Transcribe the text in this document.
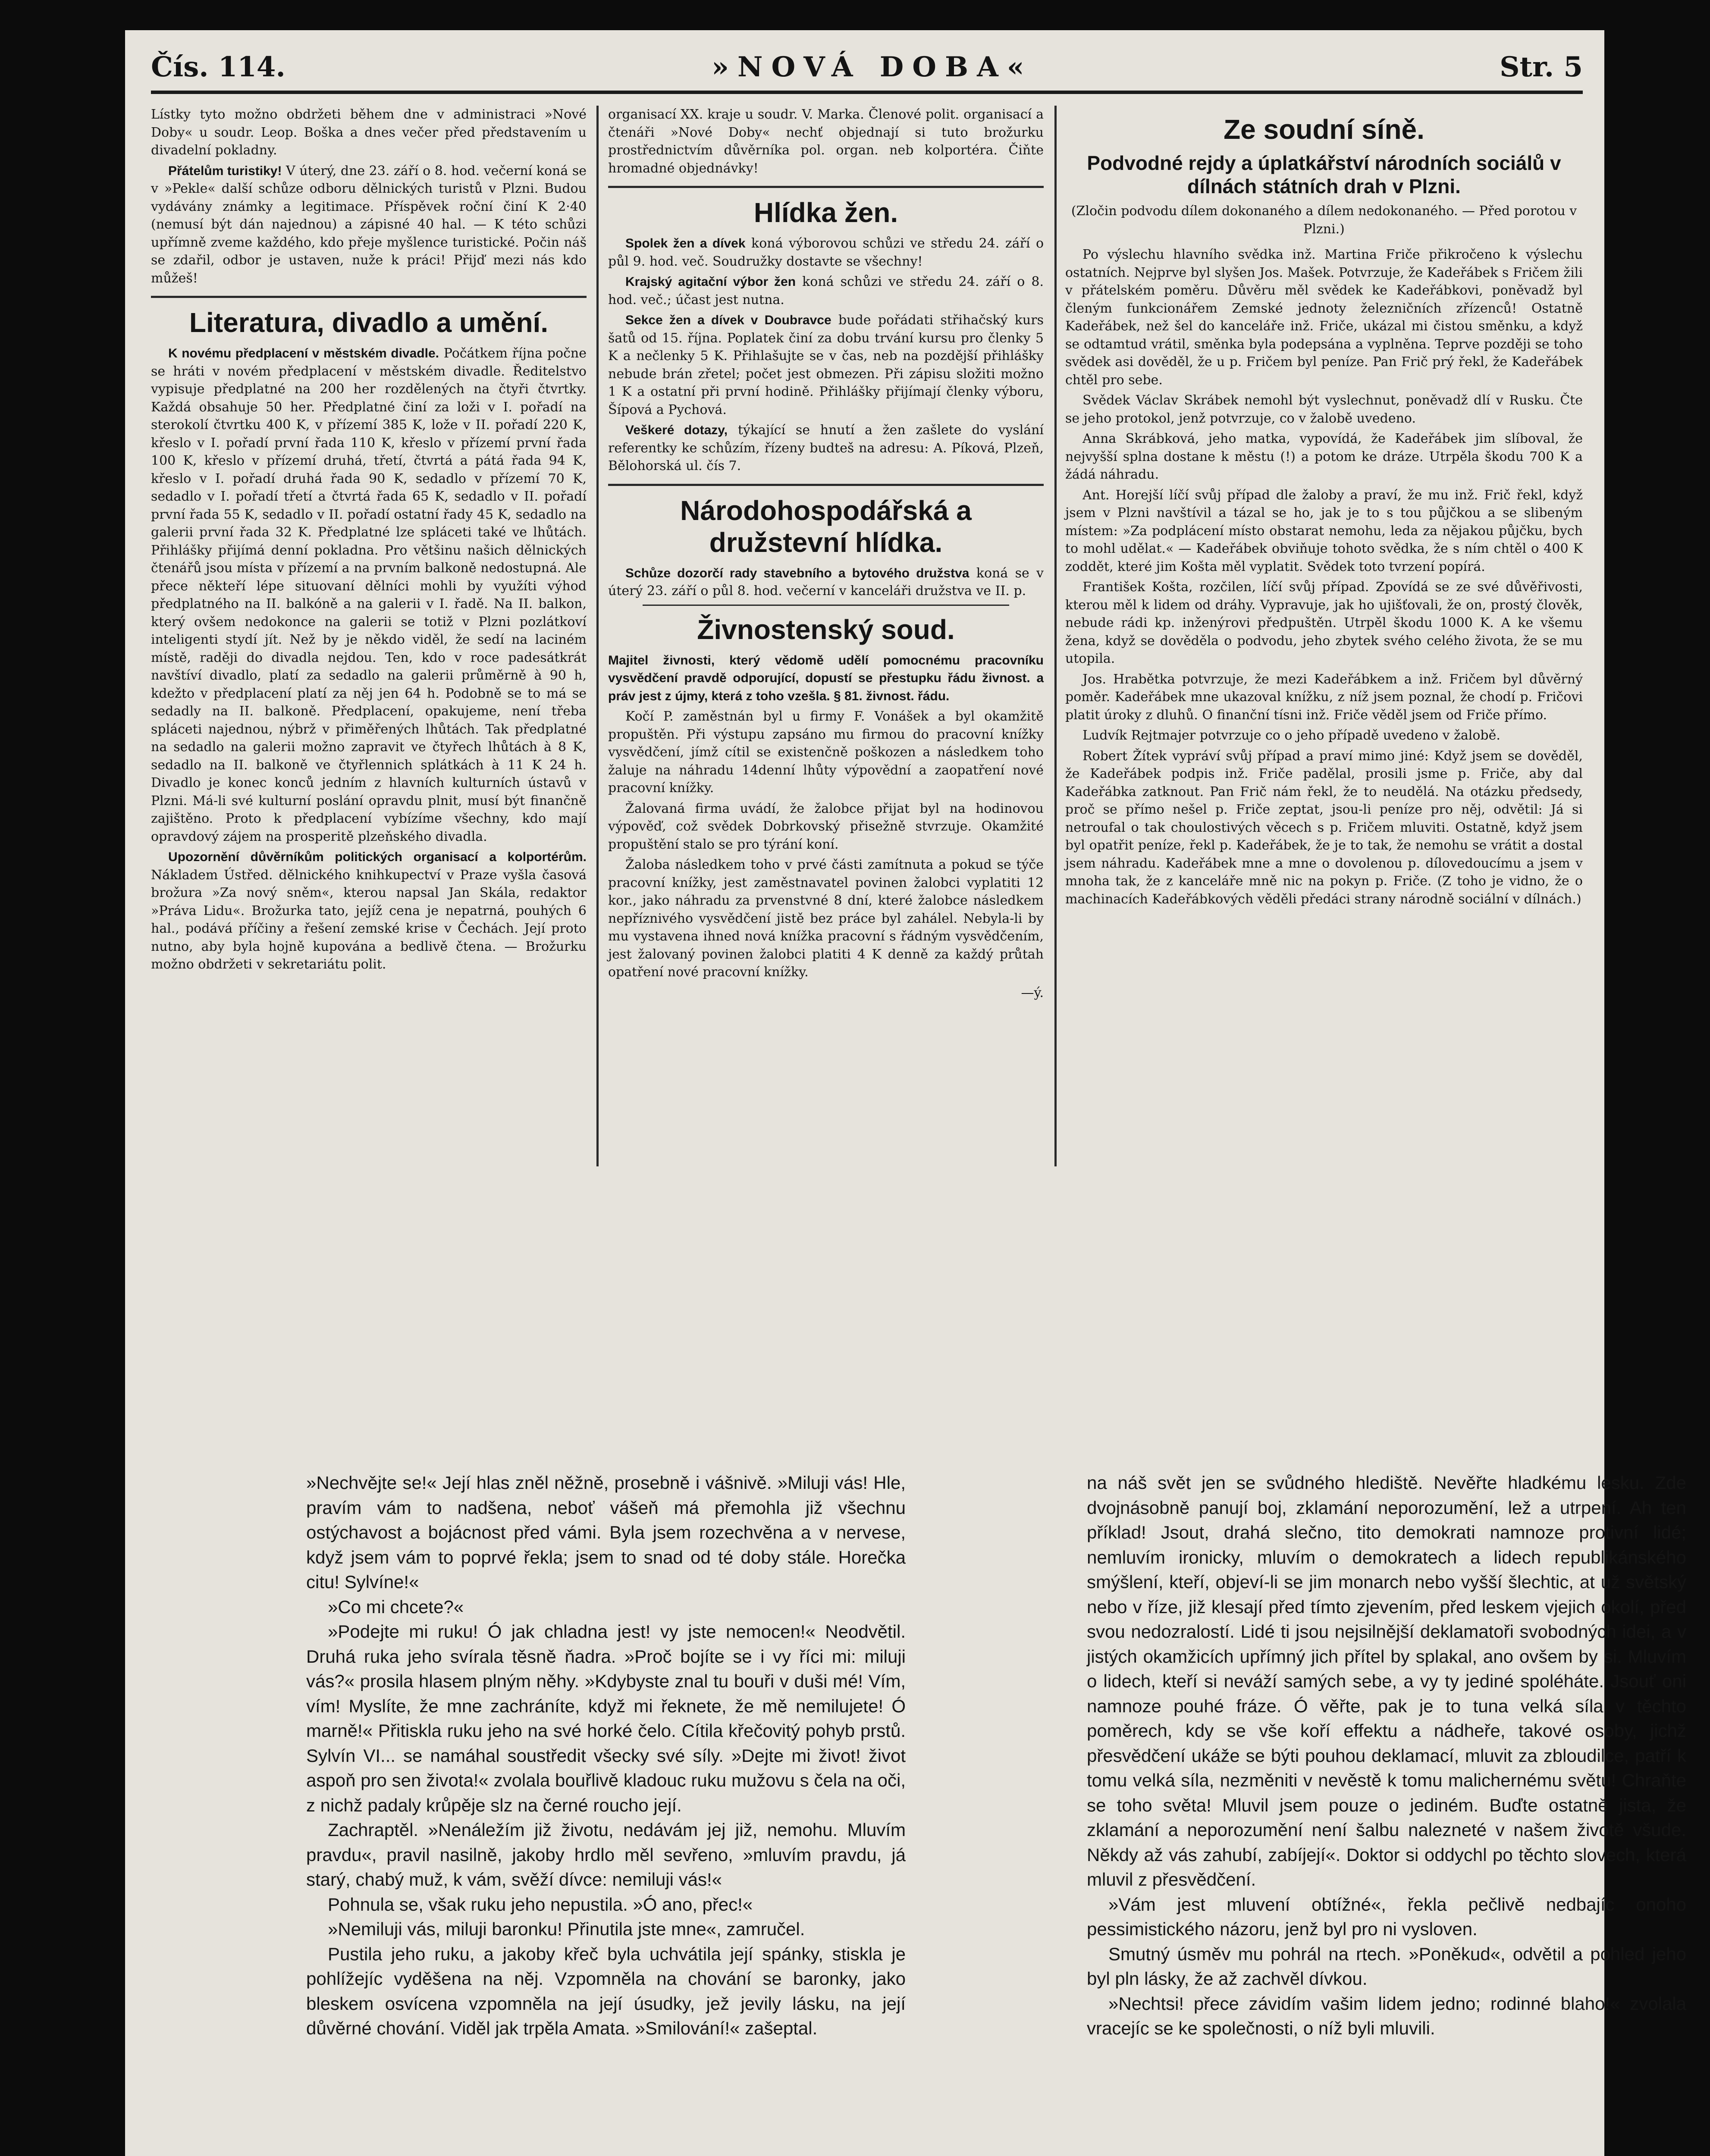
Čís. 114.	»NOVÁ DOBA«	Str. 5

Lístky tyto možno obdržeti během dne v administraci »Nové Doby« u soudr. Leop. Boška a dnes večer před představením u divadelní pokladny.

Přátelům turistiky! V úterý, dne 23. září o 8. hod. večerní koná se v »Pekle« další schůze odboru dělnických turistů v Plzni. Budou vydávány známky a legitimace. Příspěvek roční činí K 2·40 (nemusí být dán najednou) a zápisné 40 hal. — K této schůzi upřímně zveme každého, kdo přeje myšlence turistické. Počin náš se zdařil, odbor je ustaven, nuže k práci! Přijď mezi nás kdo můžeš!

Literatura, divadlo a umění.

K novému předplacení v městském divadle. Počátkem října počne se hráti v novém předplacení v městském divadle. Ředitelstvo vypisuje předplatné na 200 her rozdělených na čtyři čtvrtky. Každá obsahuje 50 her. Předplatné činí za loži v I. pořadí na sterokolí čtvrtku 400 K, v přízemí 385 K, lože v II. pořadí 220 K, křeslo v I. pořadí první řada 110 K, křeslo v přízemí první řada 100 K, křeslo v přízemí druhá, třetí, čtvrtá a pátá řada 94 K, křeslo v I. pořadí druhá řada 90 K, sedadlo v přízemí 70 K, sedadlo v I. pořadí třetí a čtvrtá řada 65 K, sedadlo v II. pořadí první řada 55 K, sedadlo v II. pořadí ostatní řady 45 K, sedadlo na galerii první řada 32 K. Předplatné lze spláceti také ve lhůtách. Přihlášky přijímá denní pokladna. Pro většinu našich dělnických čtenářů jsou místa v přízemí a na prvním balkoně nedostupná. Ale přece někteří lépe situovaní dělníci mohli by využíti výhod předplatného na II. balkóně a na galerii v I. řadě. Na II. balkon, který ovšem nedokonce na galerii se totiž v Plzni pozlátkoví inteligenti stydí jít. Než by je někdo viděl, že sedí na laciném místě, raději do divadla nejdou. Ten, kdo v roce padesátkrát navštíví divadlo, platí za sedadlo na galerii průměrně à 90 h, kdežto v předplacení platí za něj jen 64 h. Podobně se to má se sedadly na II. balkoně. Předplacení, opakujeme, není třeba spláceti najednou, nýbrž v přiměřených lhůtách. Tak předplatné na sedadlo na galerii možno zapravit ve čtyřech lhůtách à 8 K, sedadlo na II. balkoně ve čtyřlennich splátkách à 11 K 24 h. Divadlo je konec konců jedním z hlavních kulturních ústavů v Plzni. Má-li své kulturní poslání opravdu plnit, musí být finančně zajištěno. Proto k předplacení vybízíme všechny, kdo mají opravdový zájem na prosperitě plzeňského divadla.

Upozornění důvěrníkům politických organisací a kolportérům. Nákladem Ústřed. dělnického knihkupectví v Praze vyšla časová brožura »Za nový sněm«, kterou napsal Jan Skála, redaktor »Práva Lidu«. Brožurka tato, jejíž cena je nepatrná, pouhých 6 hal., podává příčiny a řešení zemské krise v Čechách. Její proto nutno, aby byla hojně kupována a bedlivě čtena. — Brožurku možno obdržeti v sekretariátu polit.

organisací XX. kraje u soudr. V. Marka. Členové polit. organisací a čtenáři »Nové Doby« nechť objednají si tuto brožurku prostřednictvím důvěrníka pol. organ. neb kolportéra. Čiňte hromadné objednávky!

Hlídka žen.

Spolek žen a dívek koná výborovou schůzi ve středu 24. září o půl 9. hod. več. Soudružky dostavte se všechny!

Krajský agitační výbor žen koná schůzi ve středu 24. září o 8. hod. več.; účast jest nutna.

Sekce žen a dívek v Doubravce bude pořádati střihačský kurs šatů od 15. října. Poplatek činí za dobu trvání kursu pro členky 5 K a nečlenky 5 K. Přihlašujte se v čas, neb na pozdější přihlášky nebude brán zřetel; počet jest obmezen. Při zápisu složiti možno 1 K a ostatní při první hodině. Přihlášky přijímají členky výboru, Šípová a Pychová.

Veškeré dotazy, týkající se hnutí a žen zašlete do vyslání referentky ke schůzím, řízeny budteš na adresu: A. Píková, Plzeň, Bělohorská ul. čís 7.

Národohospodářská a družstevní hlídka.

Schůze dozorčí rady stavebního a bytového družstva koná se v úterý 23. září o půl 8. hod. večerní v kanceláři družstva ve II. p.

Živnostenský soud.

Majitel živnosti, který vědomě udělí pomocnému pracovníku vysvědčení pravdě odporující, dopustí se přestupku řádu živnost. a práv jest z újmy, která z toho vzešla. § 81. živnost. řádu.

Kočí P. zaměstnán byl u firmy F. Vonášek a byl okamžitě propuštěn. Při výstupu zapsáno mu firmou do pracovní knížky vysvědčení, jímž cítil se existenčně poškozen a následkem toho žaluje na náhradu 14denní lhůty výpovědní a zaopatření nové pracovní knížky.

Žalovaná firma uvádí, že žalobce přijat byl na hodinovou výpověď, což svědek Dobrkovský přisežně stvrzuje. Okamžité propuštění stalo se pro týrání koní.

Žaloba následkem toho v prvé části zamítnuta a pokud se týče pracovní knížky, jest zaměstnavatel povinen žalobci vyplatiti 12 kor., jako náhradu za prvenstvné 8 dní, které žalobce následkem nepříznivého vysvědčení jistě bez práce byl zahálel. Nebyla-li by mu vystavena ihned nová knížka pracovní s řádným vysvědčením, jest žalovaný povinen žalobci platiti 4 K denně za každý průtah opatření nové pracovní knížky.

—ý.

Ze soudní síně.
Podvodné rejdy a úplatkářství národních sociálů v dílnách státních drah v Plzni.

(Zločin podvodu dílem dokonaného a dílem nedokonaného. — Před porotou v Plzni.)

Po výslechu hlavního svědka inž. Martina Friče přikročeno k výslechu ostatních. Nejprve byl slyšen Jos. Mašek. Potvrzuje, že Kadeřábek s Fričem žili v přátelském poměru. Důvěru měl svědek ke Kadeřábkovi, poněvadž byl členým funkcionářem Zemské jednoty železničních zřízenců! Ostatně Kadeřábek, než šel do kanceláře inž. Friče, ukázal mi čistou směnku, a když se odtamtud vrátil, směnka byla podepsána a vyplněna. Teprve později se toho svědek asi dověděl, že u p. Fričem byl peníze. Pan Frič prý řekl, že Kadeřábek chtěl pro sebe.

Svědek Václav Skrábek nemohl být vyslechnut, poněvadž dlí v Rusku. Čte se jeho protokol, jenž potvrzuje, co v žalobě uvedeno.

Anna Skrábková, jeho matka, vypovídá, že Kadeřábek jim slíboval, že nejvyšší splna dostane k městu (!) a potom ke dráze. Utrpěla škodu 700 K a žádá náhradu.

Ant. Horejší líčí svůj případ dle žaloby a praví, že mu inž. Frič řekl, když jsem v Plzni navštívil a tázal se ho, jak je to s tou půjčkou a se slibeným místem: »Za podplácení místo obstarat nemohu, leda za nějakou půjčku, bych to mohl udělat.« — Kadeřábek obviňuje tohoto svědka, že s ním chtěl o 400 K zoddět, které jim Košta měl vyplatit. Svědek toto tvrzení popírá.

František Košta, rozčilen, líčí svůj případ. Zpovídá se ze své důvěřivosti, kterou měl k lidem od dráhy. Vypravuje, jak ho ujišťovali, že on, prostý člověk, nebude rádi kp. inženýrovi předpuštěn. Utrpěl škodu 1000 K. A ke všemu žena, když se dověděla o podvodu, jeho zbytek svého celého života, že se mu utopila.

Jos. Hrabětka potvrzuje, že mezi Kadeřábkem a inž. Fričem byl důvěrný poměr. Kadeřábek mne ukazoval knížku, z níž jsem poznal, že chodí p. Fričovi platit úroky z dluhů. O finanční tísni inž. Friče věděl jsem od Friče přímo.

Ludvík Rejtmajer potvrzuje co o jeho případě uvedeno v žalobě.

Robert Žítek vypráví svůj případ a praví mimo jiné: Když jsem se dověděl, že Kadeřábek podpis inž. Friče padělal, prosili jsme p. Friče, aby dal Kadeřábka zatknout. Pan Frič nám řekl, že to neudělá. Na otázku předsedy, proč se přímo nešel p. Friče zeptat, jsou-li peníze pro něj, odvětil: Já si netroufal o tak choulostivých věcech s p. Fričem mluviti. Ostatně, když jsem byl opatřit peníze, řekl p. Kadeřábek, že je to tak, že nemohu se vrátit a dostal jsem náhradu. Kadeřábek mne a mne o dovolenou p. dílovedoucímu a jsem v mnoha tak, že z kanceláře mně nic na pokyn p. Friče. (Z toho je vidno, že o machinacích Kadeřábkových věděli předáci strany národně sociální v dílnách.)

»Nechvějte se!« Její hlas zněl něžně, prosebně i vášnivě. »Miluji vás! Hle, pravím vám to nadšena, neboť vášeň má přemohla již všechnu ostýchavost a bojácnost před vámi. Byla jsem rozechvěna a v nervese, když jsem vám to poprvé řekla; jsem to snad od té doby stále. Horečka citu! Sylvíne!«

»Co mi chcete?«

»Podejte mi ruku! Ó jak chladna jest! vy jste nemocen!« Neodvětil. Druhá ruka jeho svírala těsně ňadra. »Proč bojíte se i vy říci mi: miluji vás?« prosila hlasem plným něhy. »Kdybyste znal tu bouři v duši mé! Vím, vím! Myslíte, že mne zachráníte, když mi řeknete, že mě nemilujete! Ó marně!« Přitiskla ruku jeho na své horké čelo. Cítila křečovitý pohyb prstů. Sylvín VI... se namáhal soustředit všecky své síly. »Dejte mi život! život aspoň pro sen života!« zvolala bouřlivě kladouc ruku mužovu s čela na oči, z nichž padaly krůpěje slz na černé roucho její.

Zachraptěl. »Nenáležím již životu, nedávám jej již, nemohu. Mluvím pravdu«, pravil nasilně, jakoby hrdlo měl sevřeno, »mluvím pravdu, já starý, chabý muž, k vám, svěží dívce: nemiluji vás!«

Pohnula se, však ruku jeho nepustila. »Ó ano, přec!«

»Nemiluji vás, miluji baronku! Přinutila jste mne«, zamručel.

Pustila jeho ruku, a jakoby křeč byla uchvátila její spánky, stiskla je pohlížejíc vyděšena na něj. Vzpomněla na chování se baronky, jako bleskem osvícena vzpomněla na její úsudky, jež jevily lásku, na její důvěrné chování. Viděl jak trpěla Amata. »Smilování!« zašeptal.

na náš svět jen se svůdného hlediště. Nevěřte hladkému lesku. Zde dvojnásobně panují boj, zklamání neporozumění, lež a utrpení. Ah ten příklad! Jsout, drahá slečno, tito demokrati namnoze protivní lidé; nemluvím ironicky, mluvím o demokratech a lidech republikánského smýšlení, kteří, objeví-li se jim monarch nebo vyšší šlechtic, at už světský nebo v říze, již klesají před tímto zjevením, před leskem vjejich okolí, před svou nedozralostí. Lidé ti jsou nejsilnější deklamatoři svobodných idei, a v jistých okamžicích upřímný jich přítel by splakal, ano ovšem by si. Mluvím o lidech, kteří si neváží samých sebe, a vy ty jediné spoléháte. Jsouť oni namnoze pouhé fráze. Ó věřte, pak je to tuna velká síla v těchto poměrech, kdy se vše koří effektu a nádheře, takové osoby, jichž přesvědčení ukáže se býti pouhou deklamací, mluvit za zbloudilce, patří k tomu velká síla, nezměniti v nevěstě k tomu malichernému světu! Chraňte se toho světa! Mluvil jsem pouze o jediném. Buďte ostatně jista, že zklamání a neporozumění není šalbu nalezneté v našem životě všude. Někdy až vás zahubí, zabíjejí«. Doktor si oddychl po těchto slovech, která mluvil z přesvědčení.

»Vám jest mluvení obtížné«, řekla pečlivě nedbajíc onoho pessimistického názoru, jenž byl pro ni vysloven.

Smutný úsměv mu pohrál na rtech. »Poněkud«, odvětil a pohled jeho byl pln lásky, že až zachvěl dívkou.

»Nechtsi! přece závidím vašim lidem jedno; rodinné blaho!« zvolala vracejíc se ke společnosti, o níž byli mluvili.
